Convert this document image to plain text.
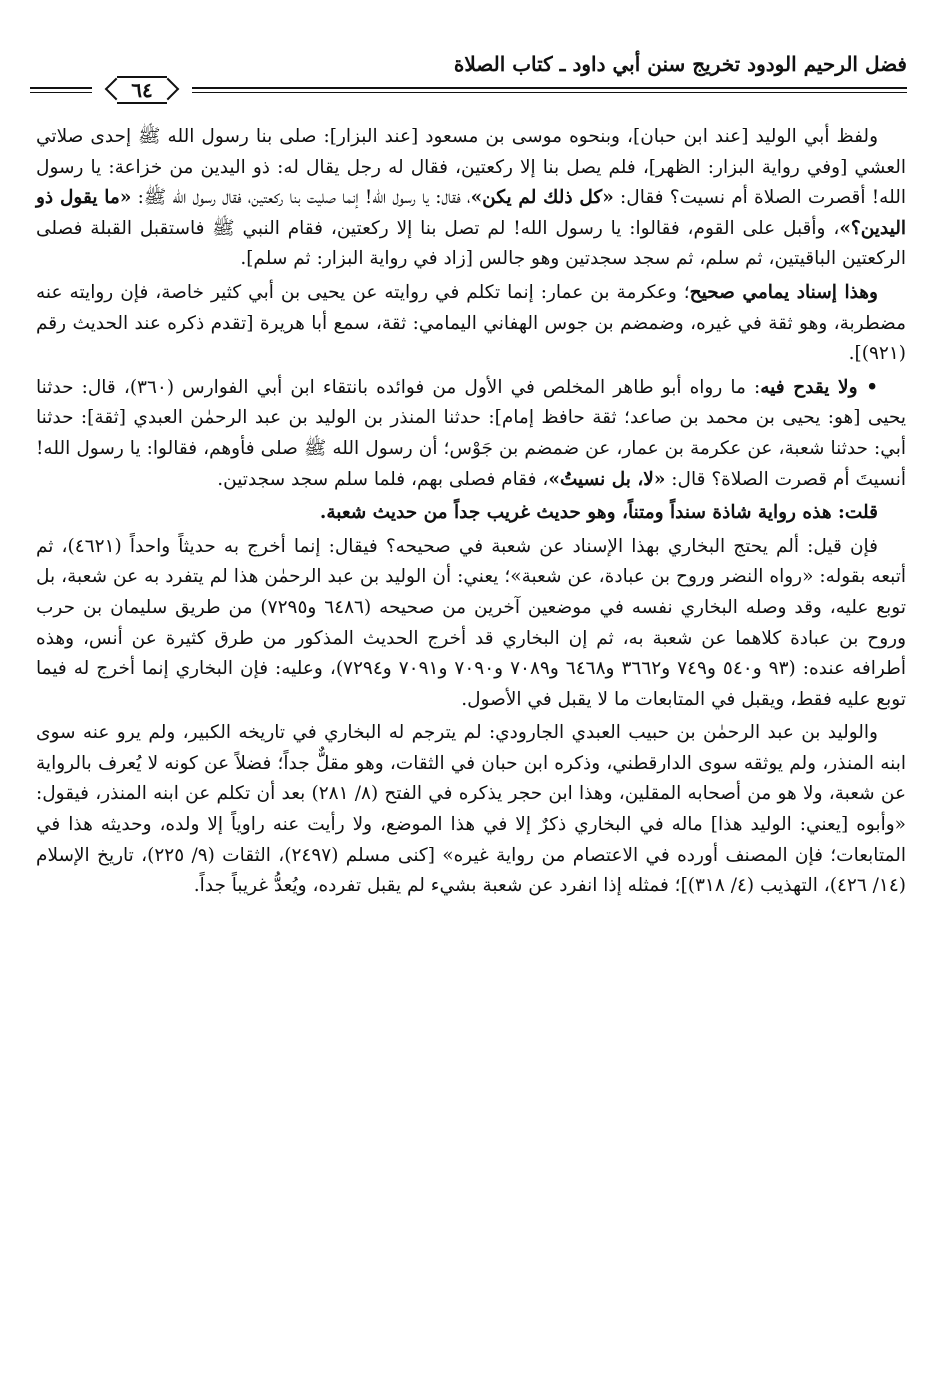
فضل الرحيم الودود تخريج سنن أبي داود ـ كتاب الصلاة
٦٤

ولفظ أبي الوليد [عند ابن حبان]، وبنحوه موسى بن مسعود [عند البزار]: صلى بنا رسول الله ﷺ إحدى صلاتي العشي [وفي رواية البزار: الظهر]، فلم يصل بنا إلا ركعتين، فقال له رجل يقال له: ذو اليدين من خزاعة: يا رسول الله! أقصرت الصلاة أم نسيت؟ فقال: «كل ذلك لم يكن»، فقال: يا رسول الله! إنما صليت بنا ركعتين، فقال رسول الله ﷺ: «ما يقول ذو اليدين؟»، وأقبل على القوم، فقالوا: يا رسول الله! لم تصل بنا إلا ركعتين، فقام النبي ﷺ فاستقبل القبلة فصلى الركعتين الباقيتين، ثم سلم، ثم سجد سجدتين وهو جالس [زاد في رواية البزار: ثم سلم].

وهذا إسناد يمامي صحيح؛ وعكرمة بن عمار: إنما تكلم في روايته عن يحيى بن أبي كثير خاصة، فإن روايته عنه مضطربة، وهو ثقة في غيره، وضمضم بن جوس الهفاني اليمامي: ثقة، سمع أبا هريرة [تقدم ذكره عند الحديث رقم (٩٢١)].

• ولا يقدح فيه: ما رواه أبو طاهر المخلص في الأول من فوائده بانتقاء ابن أبي الفوارس (٣٦٠)، قال: حدثنا يحيى [هو: يحيى بن محمد بن صاعد؛ ثقة حافظ إمام]: حدثنا المنذر بن الوليد بن عبد الرحمٰن العبدي [ثقة]: حدثنا أبي: حدثنا شعبة، عن عكرمة بن عمار، عن ضمضم بن جَوْس؛ أن رسول الله ﷺ صلى فأوهم، فقالوا: يا رسول الله! أنسيتَ أم قصرت الصلاة؟ قال: «لا، بل نسيتُ»، فقام فصلى بهم، فلما سلم سجد سجدتين.

قلت: هذه رواية شاذة سنداً ومتناً، وهو حديث غريب جداً من حديث شعبة.

فإن قيل: ألم يحتج البخاري بهذا الإسناد عن شعبة في صحيحه؟ فيقال: إنما أخرج به حديثاً واحداً (٤٦٢١)، ثم أتبعه بقوله: «رواه النضر وروح بن عبادة، عن شعبة»؛ يعني: أن الوليد بن عبد الرحمٰن هذا لم يتفرد به عن شعبة، بل توبع عليه، وقد وصله البخاري نفسه في موضعين آخرين من صحيحه (٦٤٨٦ و٧٢٩٥) من طريق سليمان بن حرب وروح بن عبادة كلاهما عن شعبة به، ثم إن البخاري قد أخرج الحديث المذكور من طرق كثيرة عن أنس، وهذه أطرافه عنده: (٩٣ و٥٤٠ و٧٤٩ و٣٦٦٢ و٦٤٦٨ و٧٠٨٩ و٧٠٩٠ و٧٠٩١ و٧٢٩٤)، وعليه: فإن البخاري إنما أخرج له فيما توبع عليه فقط، ويقبل في المتابعات ما لا يقبل في الأصول.

والوليد بن عبد الرحمٰن بن حبيب العبدي الجارودي: لم يترجم له البخاري في تاريخه الكبير، ولم يرو عنه سوى ابنه المنذر، ولم يوثقه سوى الدارقطني، وذكره ابن حبان في الثقات، وهو مقلٌّ جداً؛ فضلاً عن كونه لا يُعرف بالرواية عن شعبة، ولا هو من أصحابه المقلين، وهذا ابن حجر يذكره في الفتح (٨/ ٢٨١) بعد أن تكلم عن ابنه المنذر، فيقول: «وأبوه [يعني: الوليد هذا] ماله في البخاري ذكرٌ إلا في هذا الموضع، ولا رأيت عنه راوياً إلا ولده، وحديثه هذا في المتابعات؛ فإن المصنف أورده في الاعتصام من رواية غيره» [كنى مسلم (٢٤٩٧)، الثقات (٩/ ٢٢٥)، تاريخ الإسلام (١٤/ ٤٢٦)، التهذيب (٤/ ٣١٨)]؛ فمثله إذا انفرد عن شعبة بشيء لم يقبل تفرده، ويُعدُّ غريباً جداً.
